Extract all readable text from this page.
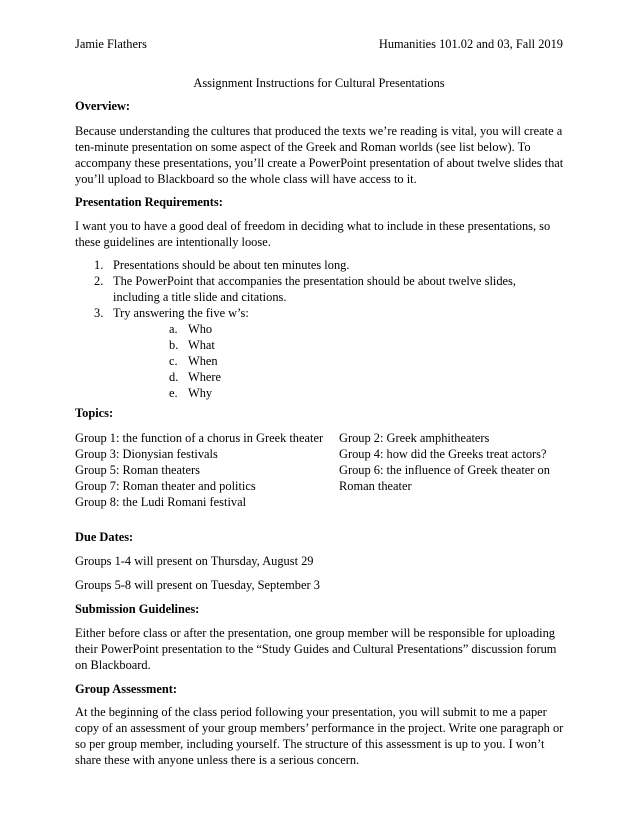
Jamie Flathers	Humanities 101.02 and 03, Fall 2019
Assignment Instructions for Cultural Presentations
Overview:

Because understanding the cultures that produced the texts we’re reading is vital, you will create a ten-minute presentation on some aspect of the Greek and Roman worlds (see list below). To accompany these presentations, you’ll create a PowerPoint presentation of about twelve slides that you’ll upload to Blackboard so the whole class will have access to it.

Presentation Requirements:

I want you to have a good deal of freedom in deciding what to include in these presentations, so these guidelines are intentionally loose.

1. Presentations should be about ten minutes long.
2. The PowerPoint that accompanies the presentation should be about twelve slides, including a title slide and citations.
3. Try answering the five w’s:
a. Who
b. What
c. When
d. Where
e. Why
Topics:
Group 1: the function of a chorus in Greek theater
Group 3: Dionysian festivals
Group 5: Roman theaters
Group 7: Roman theater and politics
Group 8: the Ludi Romani festival
Group 2: Greek amphitheaters
Group 4: how did the Greeks treat actors?
Group 6: the influence of Greek theater on Roman theater
Due Dates:

Groups 1-4 will present on Thursday, August 29

Groups 5-8 will present on Tuesday, September 3

Submission Guidelines:

Either before class or after the presentation, one group member will be responsible for uploading their PowerPoint presentation to the “Study Guides and Cultural Presentations” discussion forum on Blackboard.

Group Assessment:

At the beginning of the class period following your presentation, you will submit to me a paper copy of an assessment of your group members’ performance in the project. Write one paragraph or so per group member, including yourself. The structure of this assessment is up to you. I won’t share these with anyone unless there is a serious concern.
